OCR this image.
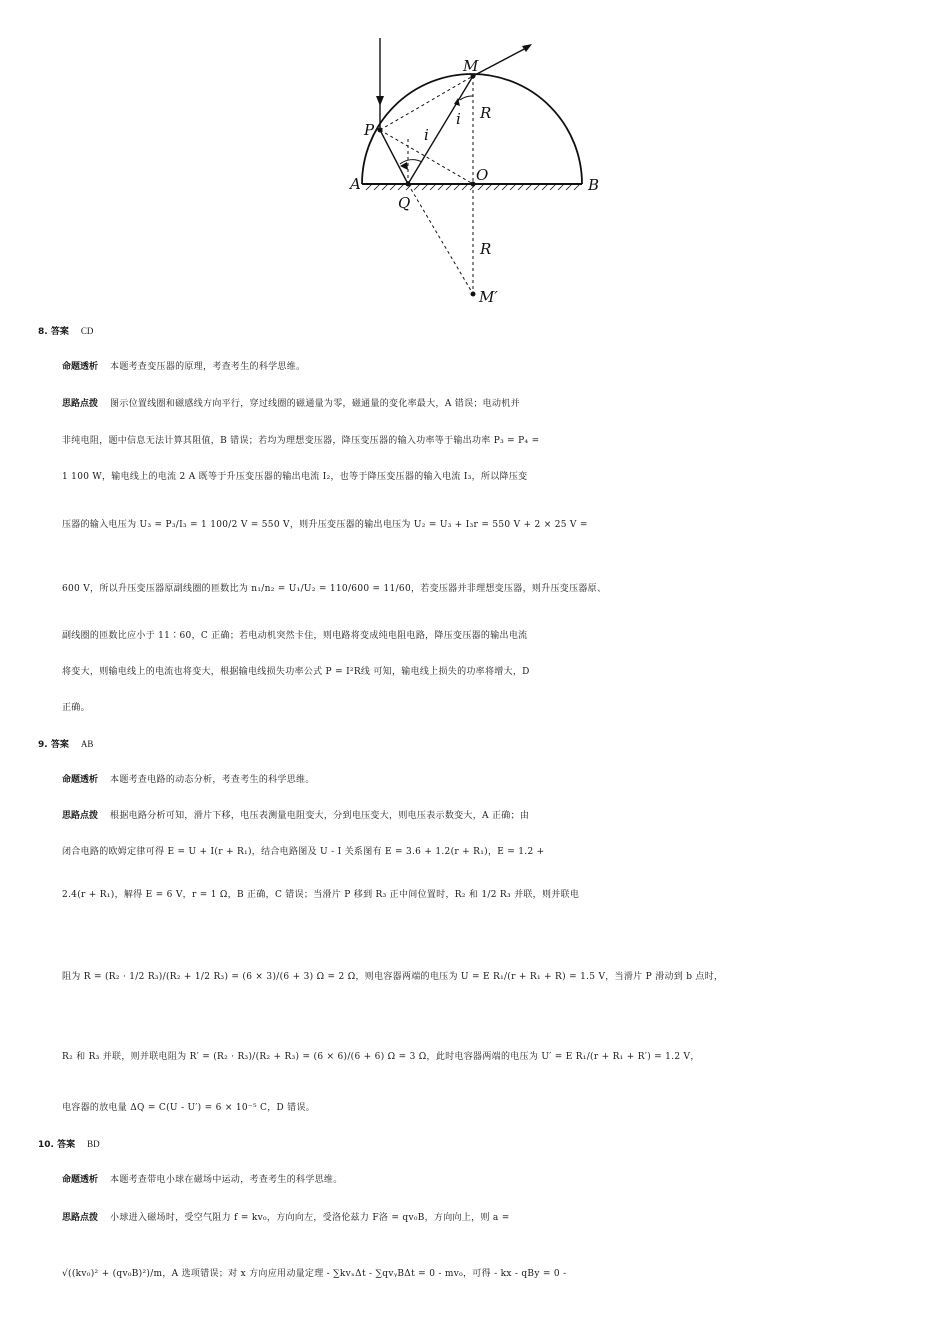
M
P
A	B
O
Q
R
R
i
i
M′
8. 答案 CD
命题透析 本题考查变压器的原理，考查考生的科学思维。
思路点拨 图示位置线圈和磁感线方向平行，穿过线圈的磁通量为零，磁通量的变化率最大，A 错误；电动机并
非纯电阻，题中信息无法计算其阻值，B 错误；若均为理想变压器，降压变压器的输入功率等于输出功率 P₃ = P₄ =
1 100 W，输电线上的电流 2 A 既等于升压变压器的输出电流 I₂，也等于降压变压器的输入电流 I₃，所以降压变
压器的输入电压为 U₃ = P₃/I₃ = 1 100/2 V = 550 V，则升压变压器的输出电压为 U₂ = U₃ + I₃r = 550 V + 2 × 25 V =
600 V，所以升压变压器原副线圈的匝数比为 n₁/n₂ = U₁/U₂ = 110/600 = 11/60，若变压器并非理想变压器，则升压变压器原、
副线圈的匝数比应小于 11∶60，C 正确；若电动机突然卡住，则电路将变成纯电阻电路，降压变压器的输出电流
将变大，则输电线上的电流也将变大，根据输电线损失功率公式 P = I²R线 可知，输电线上损失的功率将增大，D
正确。
9. 答案 AB
命题透析 本题考查电路的动态分析，考查考生的科学思维。
思路点拨 根据电路分析可知，滑片下移，电压表测量电阻变大，分到电压变大，则电压表示数变大，A 正确；由
闭合电路的欧姆定律可得 E = U + I(r + R₁)，结合电路图及 U - I 关系图有 E = 3.6 + 1.2(r + R₁)，E = 1.2 +
2.4(r + R₁)，解得 E = 6 V，r = 1 Ω，B 正确，C 错误；当滑片 P 移到 R₃ 正中间位置时，R₂ 和 1/2 R₃ 并联，则并联电
阻为 R = (R₂ · 1/2 R₃)/(R₂ + 1/2 R₃) = (6 × 3)/(6 + 3) Ω = 2 Ω，则电容器两端的电压为 U = E R₁/(r + R₁ + R) = 1.5 V，当滑片 P 滑动到 b 点时，
R₂ 和 R₃ 并联，则并联电阻为 R′ = (R₂ · R₃)/(R₂ + R₃) = (6 × 6)/(6 + 6) Ω = 3 Ω，此时电容器两端的电压为 U′ = E R₁/(r + R₁ + R′) = 1.2 V，
电容器的放电量 ΔQ = C(U - U′) = 6 × 10⁻⁵ C，D 错误。
10. 答案 BD
命题透析 本题考查带电小球在磁场中运动，考查考生的科学思维。
思路点拨 小球进入磁场时，受空气阻力 f = kv₀，方向向左，受洛伦兹力 F洛 = qv₀B，方向向上，则 a =
√((kv₀)² + (qv₀B)²)/m，A 选项错误；对 x 方向应用动量定理 - ∑kvₓΔt - ∑qvᵧBΔt = 0 - mv₀，可得 - kx - qBy = 0 -
